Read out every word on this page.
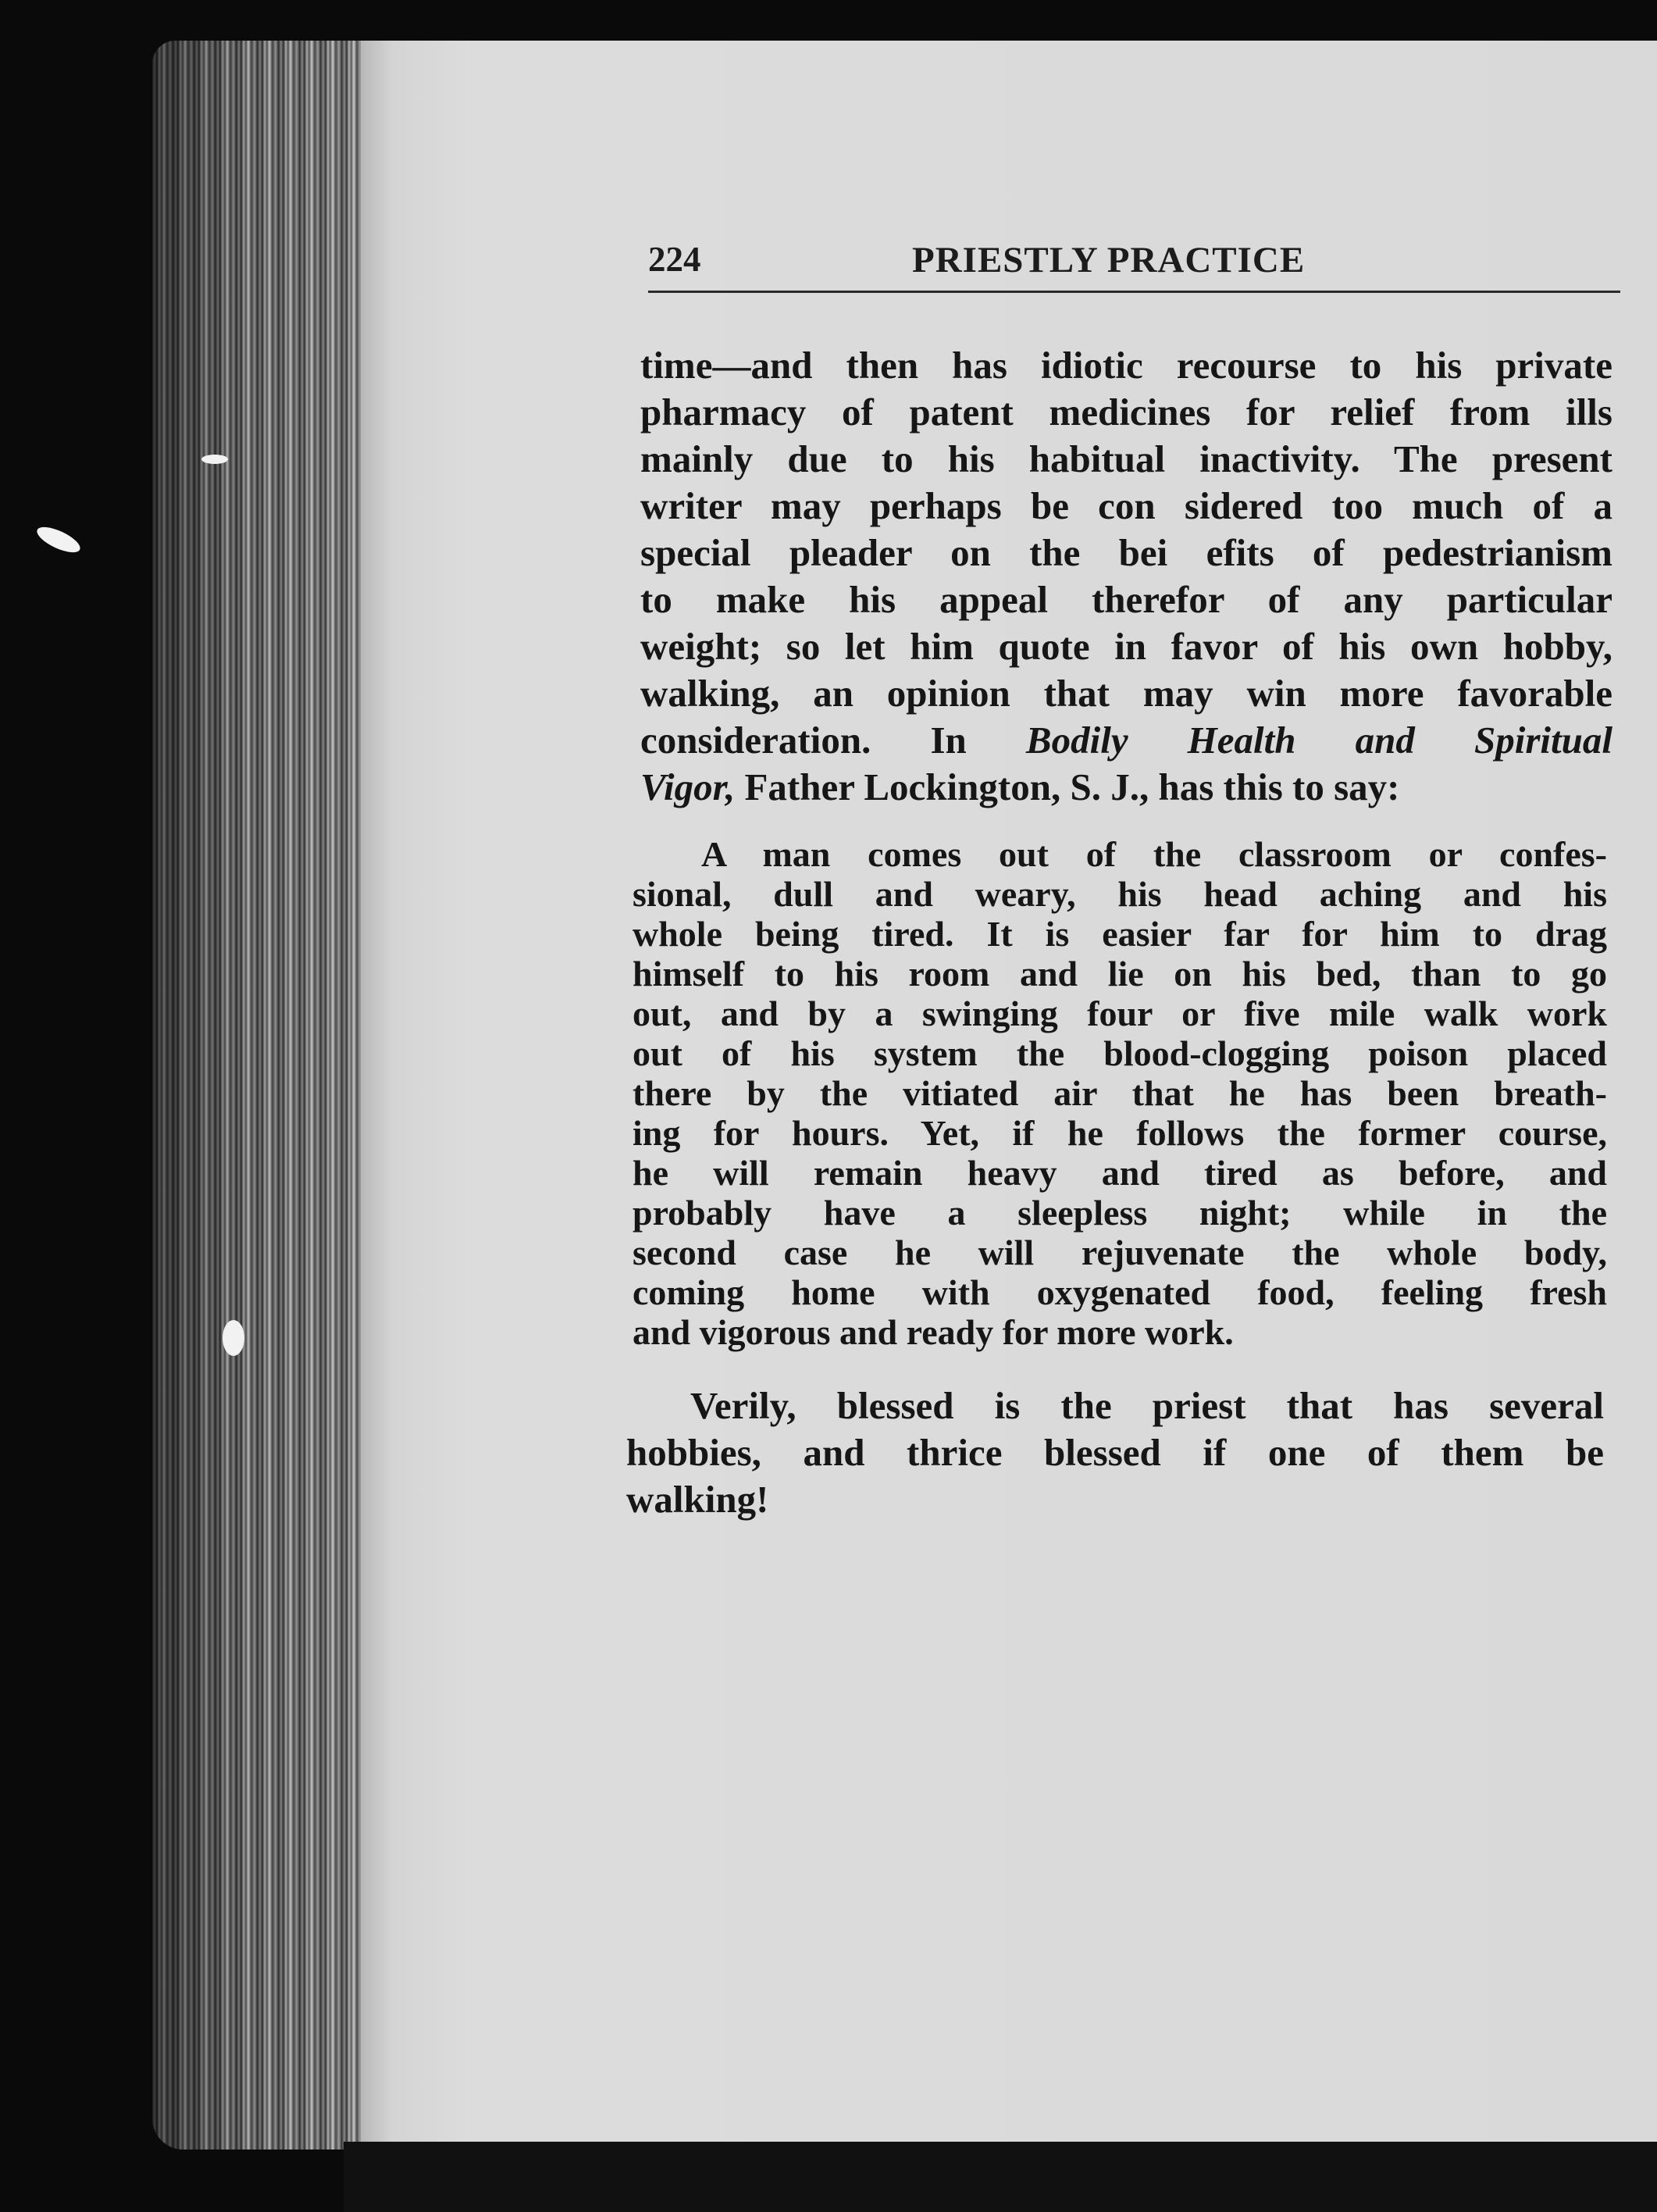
224	PRIESTLY PRACTICE
time—and then has idiotic recourse to his private
pharmacy of patent medicines for relief from ills
mainly due to his habitual inactivity. The present
writer may perhaps be con sidered too much of a
special pleader on the bei efits of pedestrianism
to make his appeal therefor of any particular
weight; so let him quote in favor of his own hobby,
walking, an opinion that may win more favorable
consideration. In Bodily Health and Spiritual
Vigor, Father Lockington, S. J., has this to say:
A man comes out of the classroom or confes-
sional, dull and weary, his head aching and his
whole being tired. It is easier far for him to drag
himself to his room and lie on his bed, than to go
out, and by a swinging four or five mile walk work
out of his system the blood-clogging poison placed
there by the vitiated air that he has been breath-
ing for hours. Yet, if he follows the former course,
he will remain heavy and tired as before, and
probably have a sleepless night; while in the
second case he will rejuvenate the whole body,
coming home with oxygenated food, feeling fresh
and vigorous and ready for more work.
Verily, blessed is the priest that has several
hobbies, and thrice blessed if one of them be
walking!
